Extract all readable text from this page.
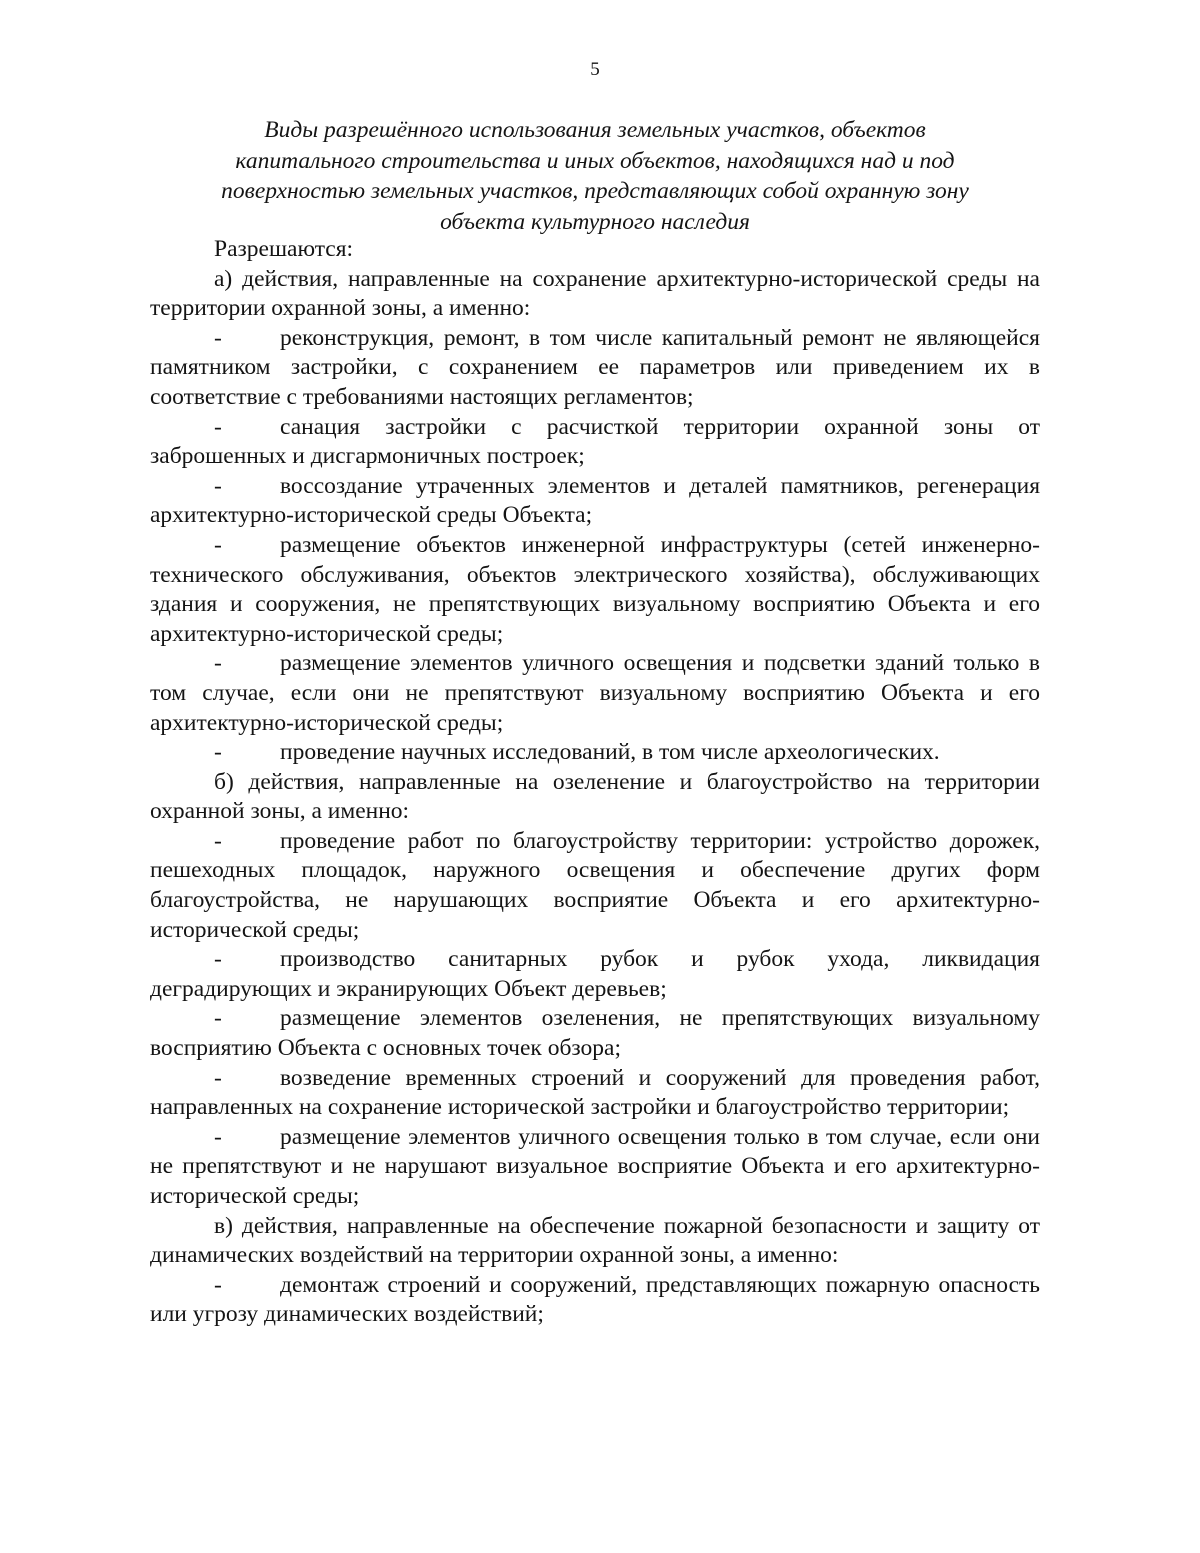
5
Виды разрешённого использования земельных участков, объектов
капитального строительства и иных объектов, находящихся над и под
поверхностью земельных участков, представляющих собой охранную зону
объекта культурного наследия

Разрешаются:

а) действия, направленные на сохранение архитектурно-исторической среды на территории охранной зоны, а именно:

- реконструкция, ремонт, в том числе капитальный ремонт не являющейся памятником застройки, с сохранением ее параметров или приведением их в соответствие с требованиями настоящих регламентов;

- санация застройки с расчисткой территории охранной зоны от заброшенных и дисгармоничных построек;

- воссоздание утраченных элементов и деталей памятников, регенерация архитектурно-исторической среды Объекта;

- размещение объектов инженерной инфраструктуры (сетей инженерно- технического обслуживания, объектов электрического хозяйства), обслуживающих здания и сооружения, не препятствующих визуальному восприятию Объекта и его архитектурно-исторической среды;

- размещение элементов уличного освещения и подсветки зданий только в том случае, если они не препятствуют визуальному восприятию Объекта и его архитектурно-исторической среды;

- проведение научных исследований, в том числе археологических.

б) действия, направленные на озеленение и благоустройство на территории охранной зоны, а именно:

- проведение работ по благоустройству территории: устройство дорожек, пешеходных площадок, наружного освещения и обеспечение других форм благоустройства, не нарушающих восприятие Объекта и его архитектурно-исторической среды;

- производство санитарных рубок и рубок ухода, ликвидация деградирующих и экранирующих Объект деревьев;

- размещение элементов озеленения, не препятствующих визуальному восприятию Объекта с основных точек обзора;

- возведение временных строений и сооружений для проведения работ, направленных на сохранение исторической застройки и благоустройство территории;

- размещение элементов уличного освещения только в том случае, если они не препятствуют и не нарушают визуальное восприятие Объекта и его архитектурно-исторической среды;

в) действия, направленные на обеспечение пожарной безопасности и защиту от динамических воздействий на территории охранной зоны, а именно:

- демонтаж строений и сооружений, представляющих пожарную опасность или угрозу динамических воздействий;
